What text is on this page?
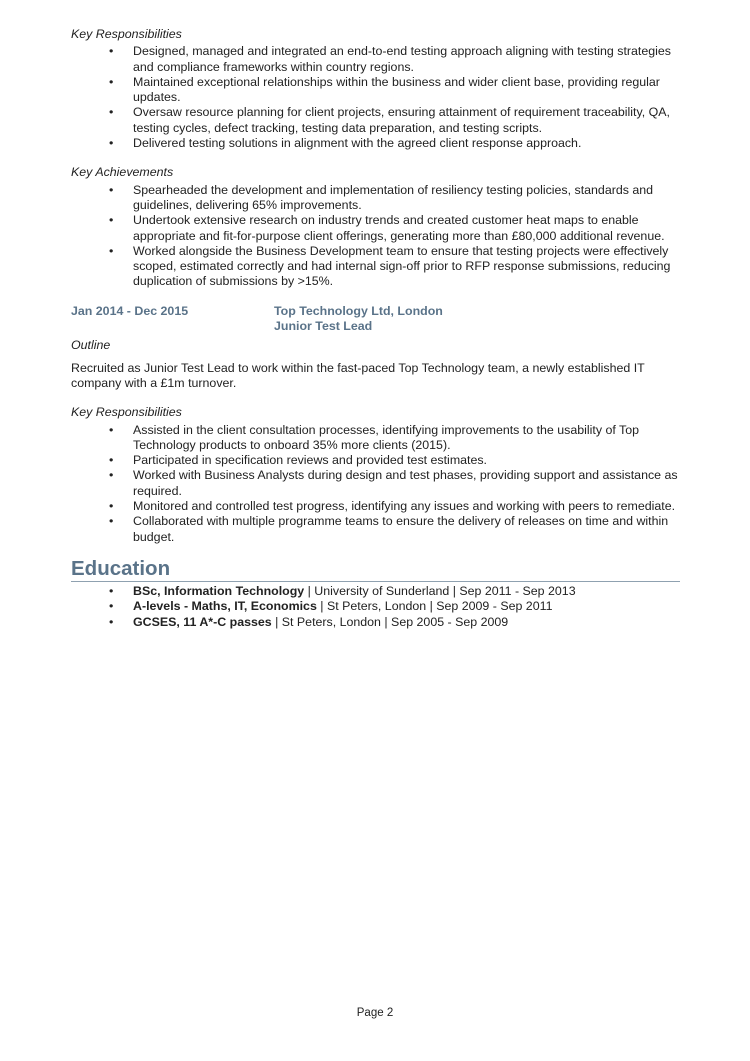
Key Responsibilities

• Designed, managed and integrated an end-to-end testing approach aligning with testing strategies and compliance frameworks within country regions.
• Maintained exceptional relationships within the business and wider client base, providing regular updates.
• Oversaw resource planning for client projects, ensuring attainment of requirement traceability, QA, testing cycles, defect tracking, testing data preparation, and testing scripts.
• Delivered testing solutions in alignment with the agreed client response approach.

Key Achievements

• Spearheaded the development and implementation of resiliency testing policies, standards and guidelines, delivering 65% improvements.
• Undertook extensive research on industry trends and created customer heat maps to enable appropriate and fit-for-purpose client offerings, generating more than £80,000 additional revenue.
• Worked alongside the Business Development team to ensure that testing projects were effectively scoped, estimated correctly and had internal sign-off prior to RFP response submissions, reducing duplication of submissions by >15%.
Jan 2014 - Dec 2015	Top Technology Ltd, London
Junior Test Lead

Outline

Recruited as Junior Test Lead to work within the fast-paced Top Technology team, a newly established IT company with a £1m turnover.

Key Responsibilities

• Assisted in the client consultation processes, identifying improvements to the usability of Top Technology products to onboard 35% more clients (2015).
• Participated in specification reviews and provided test estimates.
• Worked with Business Analysts during design and test phases, providing support and assistance as required.
• Monitored and controlled test progress, identifying any issues and working with peers to remediate.
• Collaborated with multiple programme teams to ensure the delivery of releases on time and within budget.
Education
• BSc, Information Technology | University of Sunderland | Sep 2011 - Sep 2013
• A-levels - Maths, IT, Economics | St Peters, London | Sep 2009 - Sep 2011
• GCSES, 11 A*-C passes | St Peters, London | Sep 2005 - Sep 2009
Page 2
